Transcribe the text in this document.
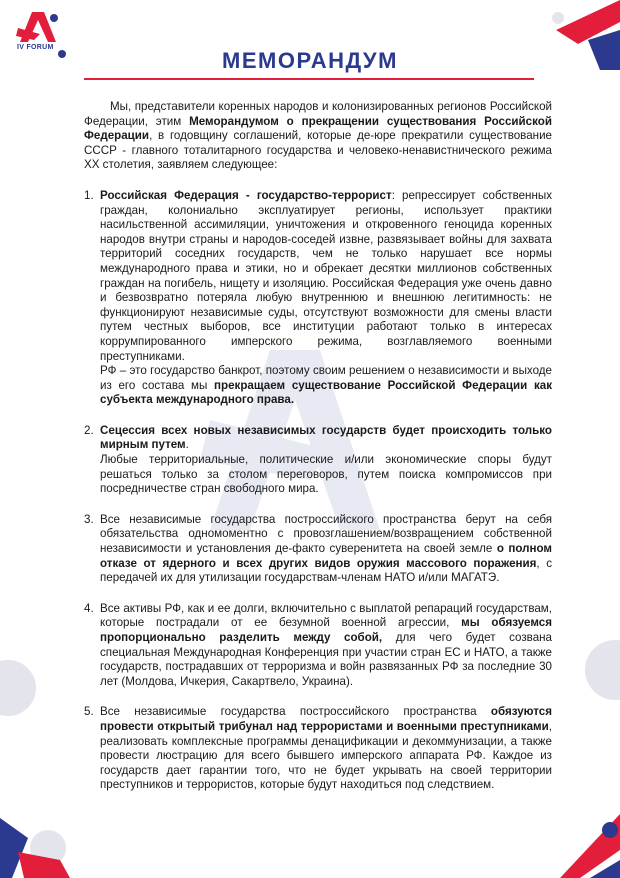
IV FORUM
МЕМОРАНДУМ

Мы, представители коренных народов и колонизированных регионов Российской Федерации, этим Меморандумом о прекращении существования Российской Федерации, в годовщину соглашений, которые де-юре прекратили существование СССР - главного тоталитарного государства и человеко-ненавистнического режима XX столетия, заявляем следующее:

1. Российская Федерация - государство-террорист: репрессирует собственных граждан, колониально эксплуатирует регионы, использует практики насильственной ассимиляции, уничтожения и откровенного геноцида коренных народов внутри страны и народов-соседей извне, развязывает войны для захвата территорий соседних государств, чем не только нарушает все нормы международного права и этики, но и обрекает десятки миллионов собственных граждан на погибель, нищету и изоляцию. Российская Федерация уже очень давно и безвозвратно потеряла любую внутреннюю и внешнюю легитимность: не функционируют независимые суды, отсутствуют возможности для смены власти путем честных выборов, все институции работают только в интересах коррумпированного имперского режима, возглавляемого военными преступниками.

РФ – это государство банкрот, поэтому своим решением о независимости и выходе из его состава мы прекращаем существование Российской Федерации как субъекта международного права.

2. Сецессия всех новых независимых государств будет происходить только мирным путем.

Любые территориальные, политические и/или экономические споры будут решаться только за столом переговоров, путем поиска компромиссов при посредничестве стран свободного мира.

3. Все независимые государства построссийского пространства берут на себя обязательства одномоментно с провозглашением/возвращением собственной независимости и установления де-факто суверенитета на своей земле о полном отказе от ядерного и всех других видов оружия массового поражения, с передачей их для утилизации государствам-членам НАТО и/или МАГАТЭ.

4. Все активы РФ, как и ее долги, включительно с выплатой репараций государствам, которые пострадали от ее безумной военной агрессии, мы обязуемся пропорционально разделить между собой, для чего будет созвана специальная Международная Конференция при участии стран ЕС и НАТО, а также государств, пострадавших от терроризма и войн развязанных РФ за последние 30 лет (Молдова, Ичкерия, Сакартвело, Украина).

5. Все независимые государства построссийского пространства обязуются провести открытый трибунал над террористами и военными преступниками, реализовать комплексные программы денацификации и декоммунизации, а также провести люстрацию для всего бывшего имперского аппарата РФ. Каждое из государств дает гарантии того, что не будет укрывать на своей территории преступников и террористов, которые будут находиться под следствием.
